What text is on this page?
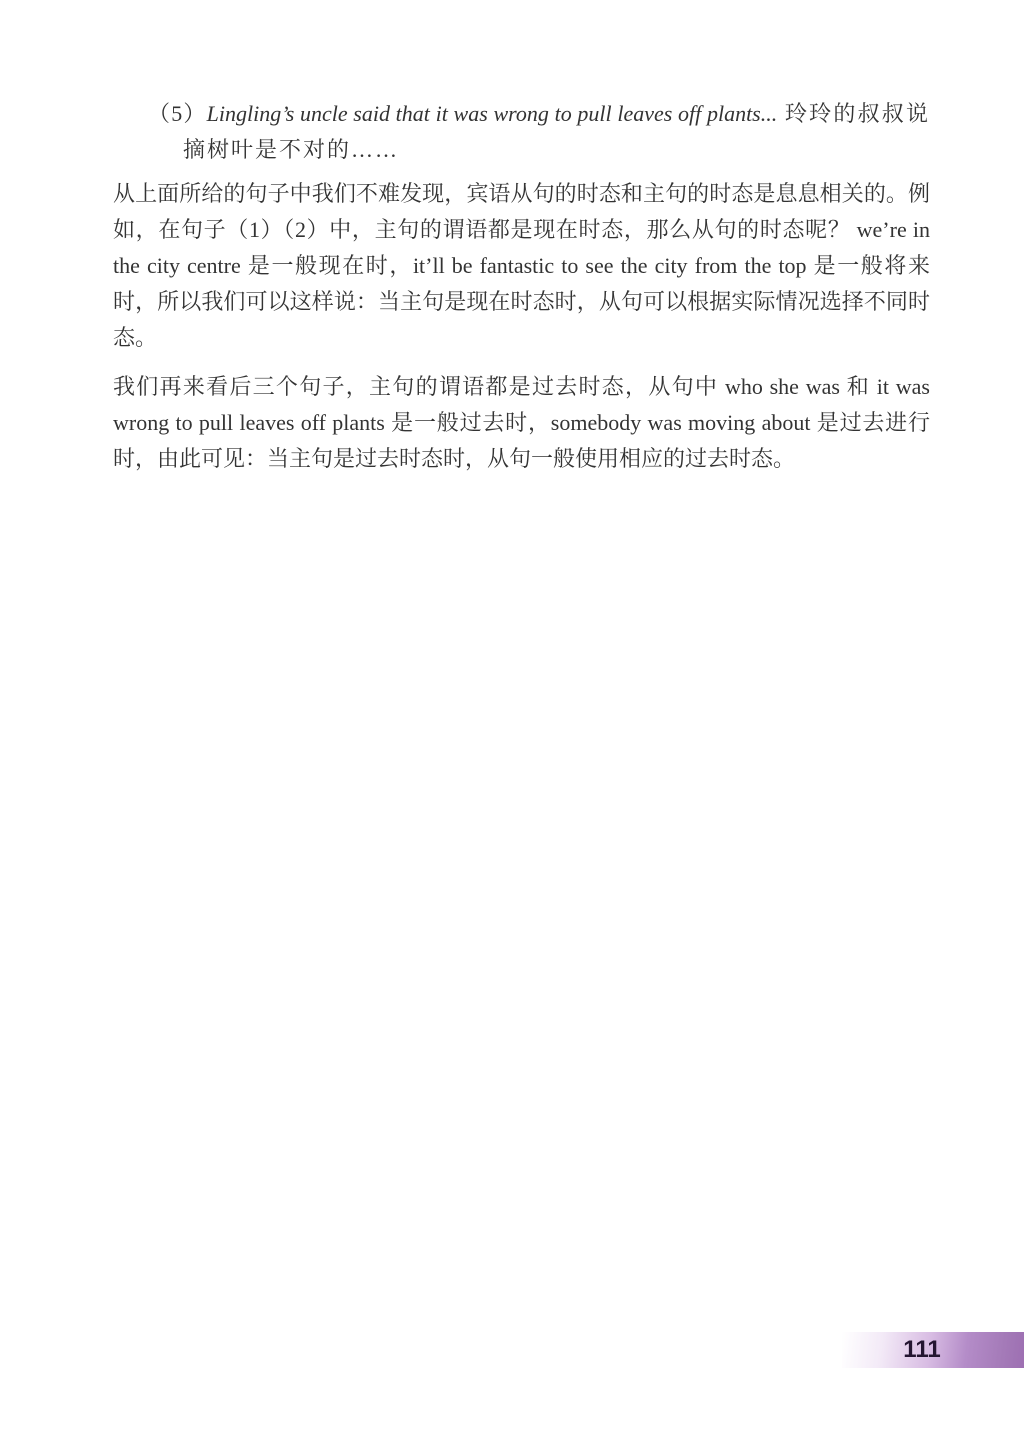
（5）Lingling’s uncle said that it was wrong to pull leaves off plants... 玲玲的叔叔说摘树叶是不对的……

从上面所给的句子中我们不难发现，宾语从句的时态和主句的时态是息息相关的。例如，在句子（1）（2）中，主句的谓语都是现在时态，那么从句的时态呢？ we’re in the city centre 是一般现在时，it’ll be fantastic to see the city from the top 是一般将来时，所以我们可以这样说：当主句是现在时态时，从句可以根据实际情况选择不同时态。

我们再来看后三个句子，主句的谓语都是过去时态，从句中 who she was 和 it was wrong to pull leaves off plants 是一般过去时，somebody was moving about 是过去进行时，由此可见：当主句是过去时态时，从句一般使用相应的过去时态。

111
